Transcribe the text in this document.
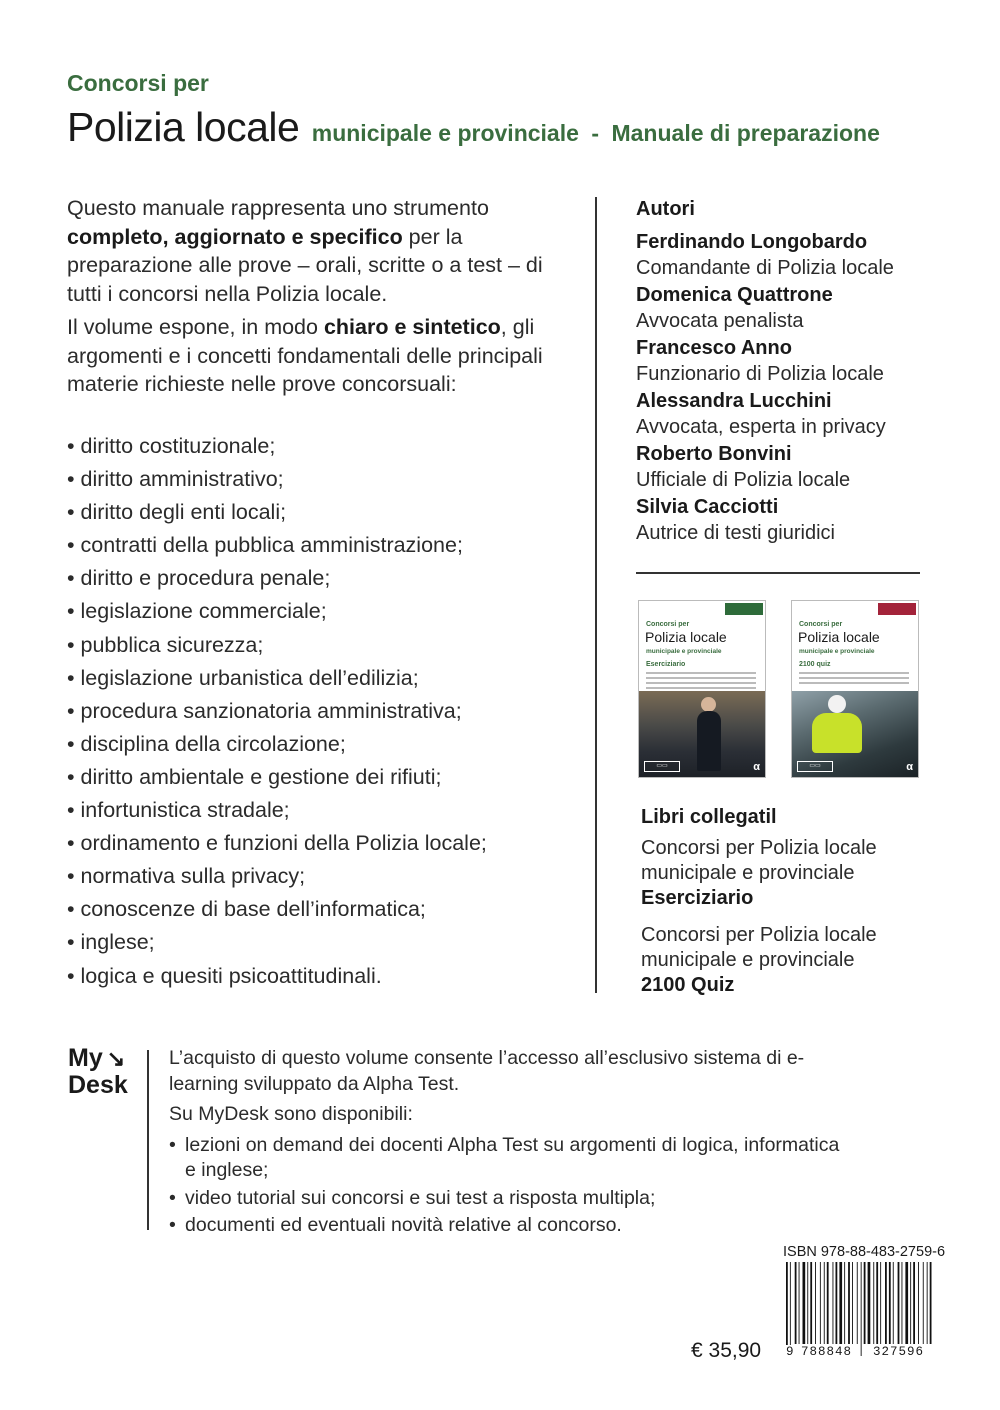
Concorsi per
Polizia locale municipale e provinciale - Manuale di preparazione

Questo manuale rappresenta uno strumento completo, aggiornato e specifico per la preparazione alle prove – orali, scritte o a test – di tutti i concorsi nella Polizia locale.

Il volume espone, in modo chiaro e sintetico, gli argomenti e i concetti fondamentali delle principali materie richieste nelle prove concorsuali:

• diritto costituzionale;
• diritto amministrativo;
• diritto degli enti locali;
• contratti della pubblica amministrazione;
• diritto e procedura penale;
• legislazione commerciale;
• pubblica sicurezza;
• legislazione urbanistica dell’edilizia;
• procedura sanzionatoria amministrativa;
• disciplina della circolazione;
• diritto ambientale e gestione dei rifiuti;
• infortunistica stradale;
• ordinamento e funzioni della Polizia locale;
• normativa sulla privacy;
• conoscenze di base dell’informatica;
• inglese;
• logica e quesiti psicoattitudinali.
Autori
Ferdinando Longobardo
Comandante di Polizia locale
Domenica Quattrone
Avvocata penalista
Francesco Anno
Funzionario di Polizia locale
Alessandra Lucchini
Avvocata, esperta in privacy
Roberto Bonvini
Ufficiale di Polizia locale
Silvia Cacciotti
Autrice di testi giuridici
Concorsi per
Polizia locale
municipale e provinciale
Eserciziario
▭▭	α
Concorsi per
Polizia locale
municipale e provinciale
2100 quiz
▭▭	α
Libri collegatil
Concorsi per Polizia locale
municipale e provinciale
Eserciziario
Concorsi per Polizia locale
municipale e provinciale
2100 Quiz
My ↘
Desk

L’acquisto di questo volume consente l’accesso all’esclusivo sistema di e-learning sviluppato da Alpha Test.

Su MyDesk sono disponibili:

• lezioni on demand dei docenti Alpha Test su argomenti di logica, informatica e inglese;
• video tutorial sui concorsi e sui test a risposta multipla;
• documenti ed eventuali novità relative al concorso.
ISBN 978-88-483-2759-6
9 788848 327596
€ 35,90
